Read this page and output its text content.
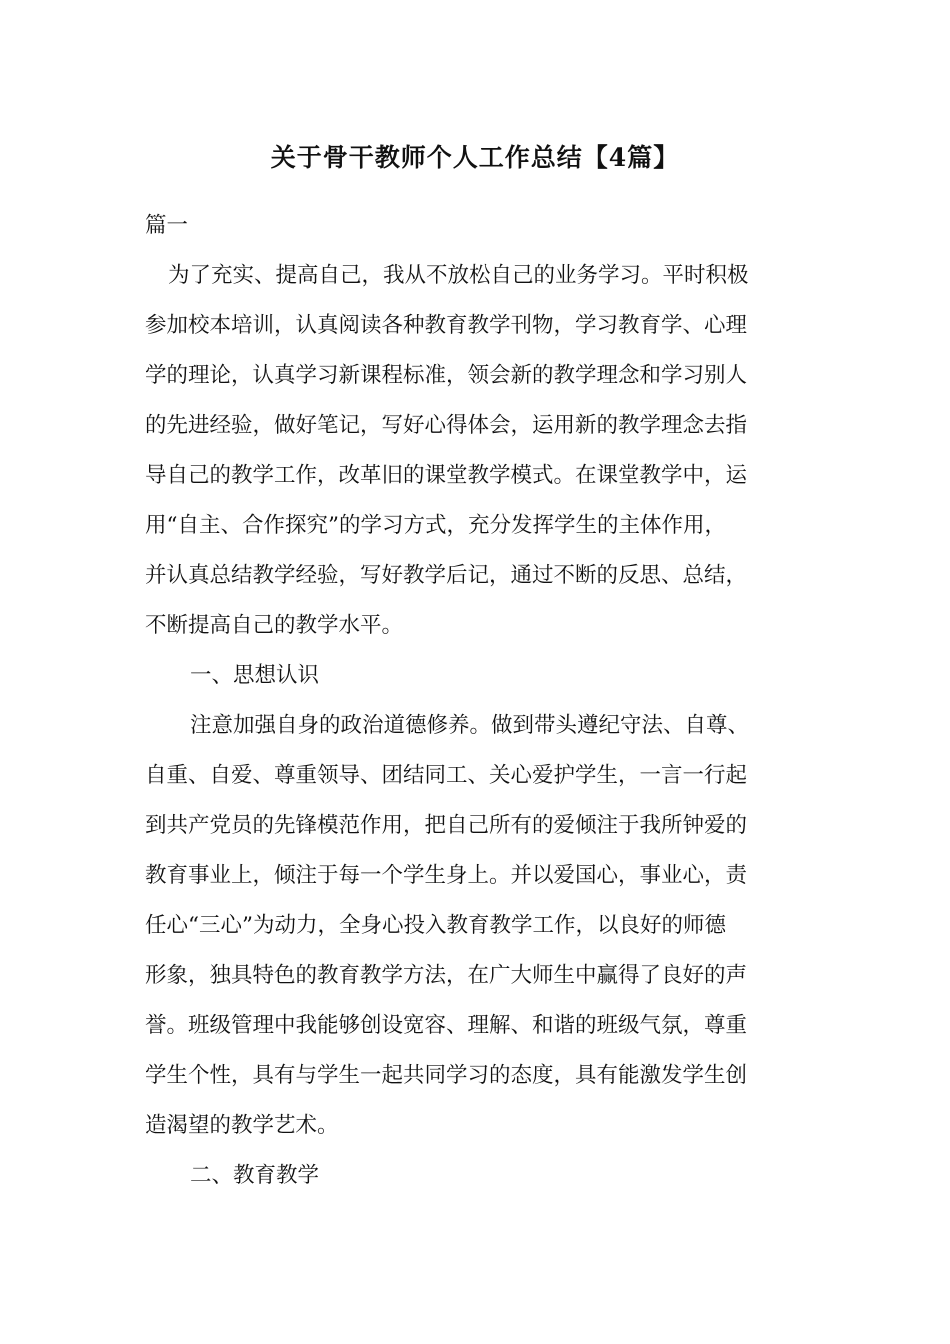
关于骨干教师个人工作总结【4篇】
篇一
为了充实、提高自己，我从不放松自己的业务学习。平时积极
参加校本培训，认真阅读各种教育教学刊物，学习教育学、心理
学的理论，认真学习新课程标准，领会新的教学理念和学习别人
的先进经验，做好笔记，写好心得体会，运用新的教学理念去指
导自己的教学工作，改革旧的课堂教学模式。在课堂教学中，运
用“自主、合作探究”的学习方式，充分发挥学生的主体作用，
并认真总结教学经验，写好教学后记，通过不断的反思、总结，
不断提高自己的教学水平。
一、思想认识
注意加强自身的政治道德修养。做到带头遵纪守法、自尊、
自重、自爱、尊重领导、团结同工、关心爱护学生，一言一行起
到共产党员的先锋模范作用，把自己所有的爱倾注于我所钟爱的
教育事业上，倾注于每一个学生身上。并以爱国心，事业心，责
任心“三心”为动力，全身心投入教育教学工作，以良好的师德
形象，独具特色的教育教学方法，在广大师生中赢得了良好的声
誉。班级管理中我能够创设宽容、理解、和谐的班级气氛，尊重
学生个性，具有与学生一起共同学习的态度，具有能激发学生创
造渴望的教学艺术。
二、教育教学
